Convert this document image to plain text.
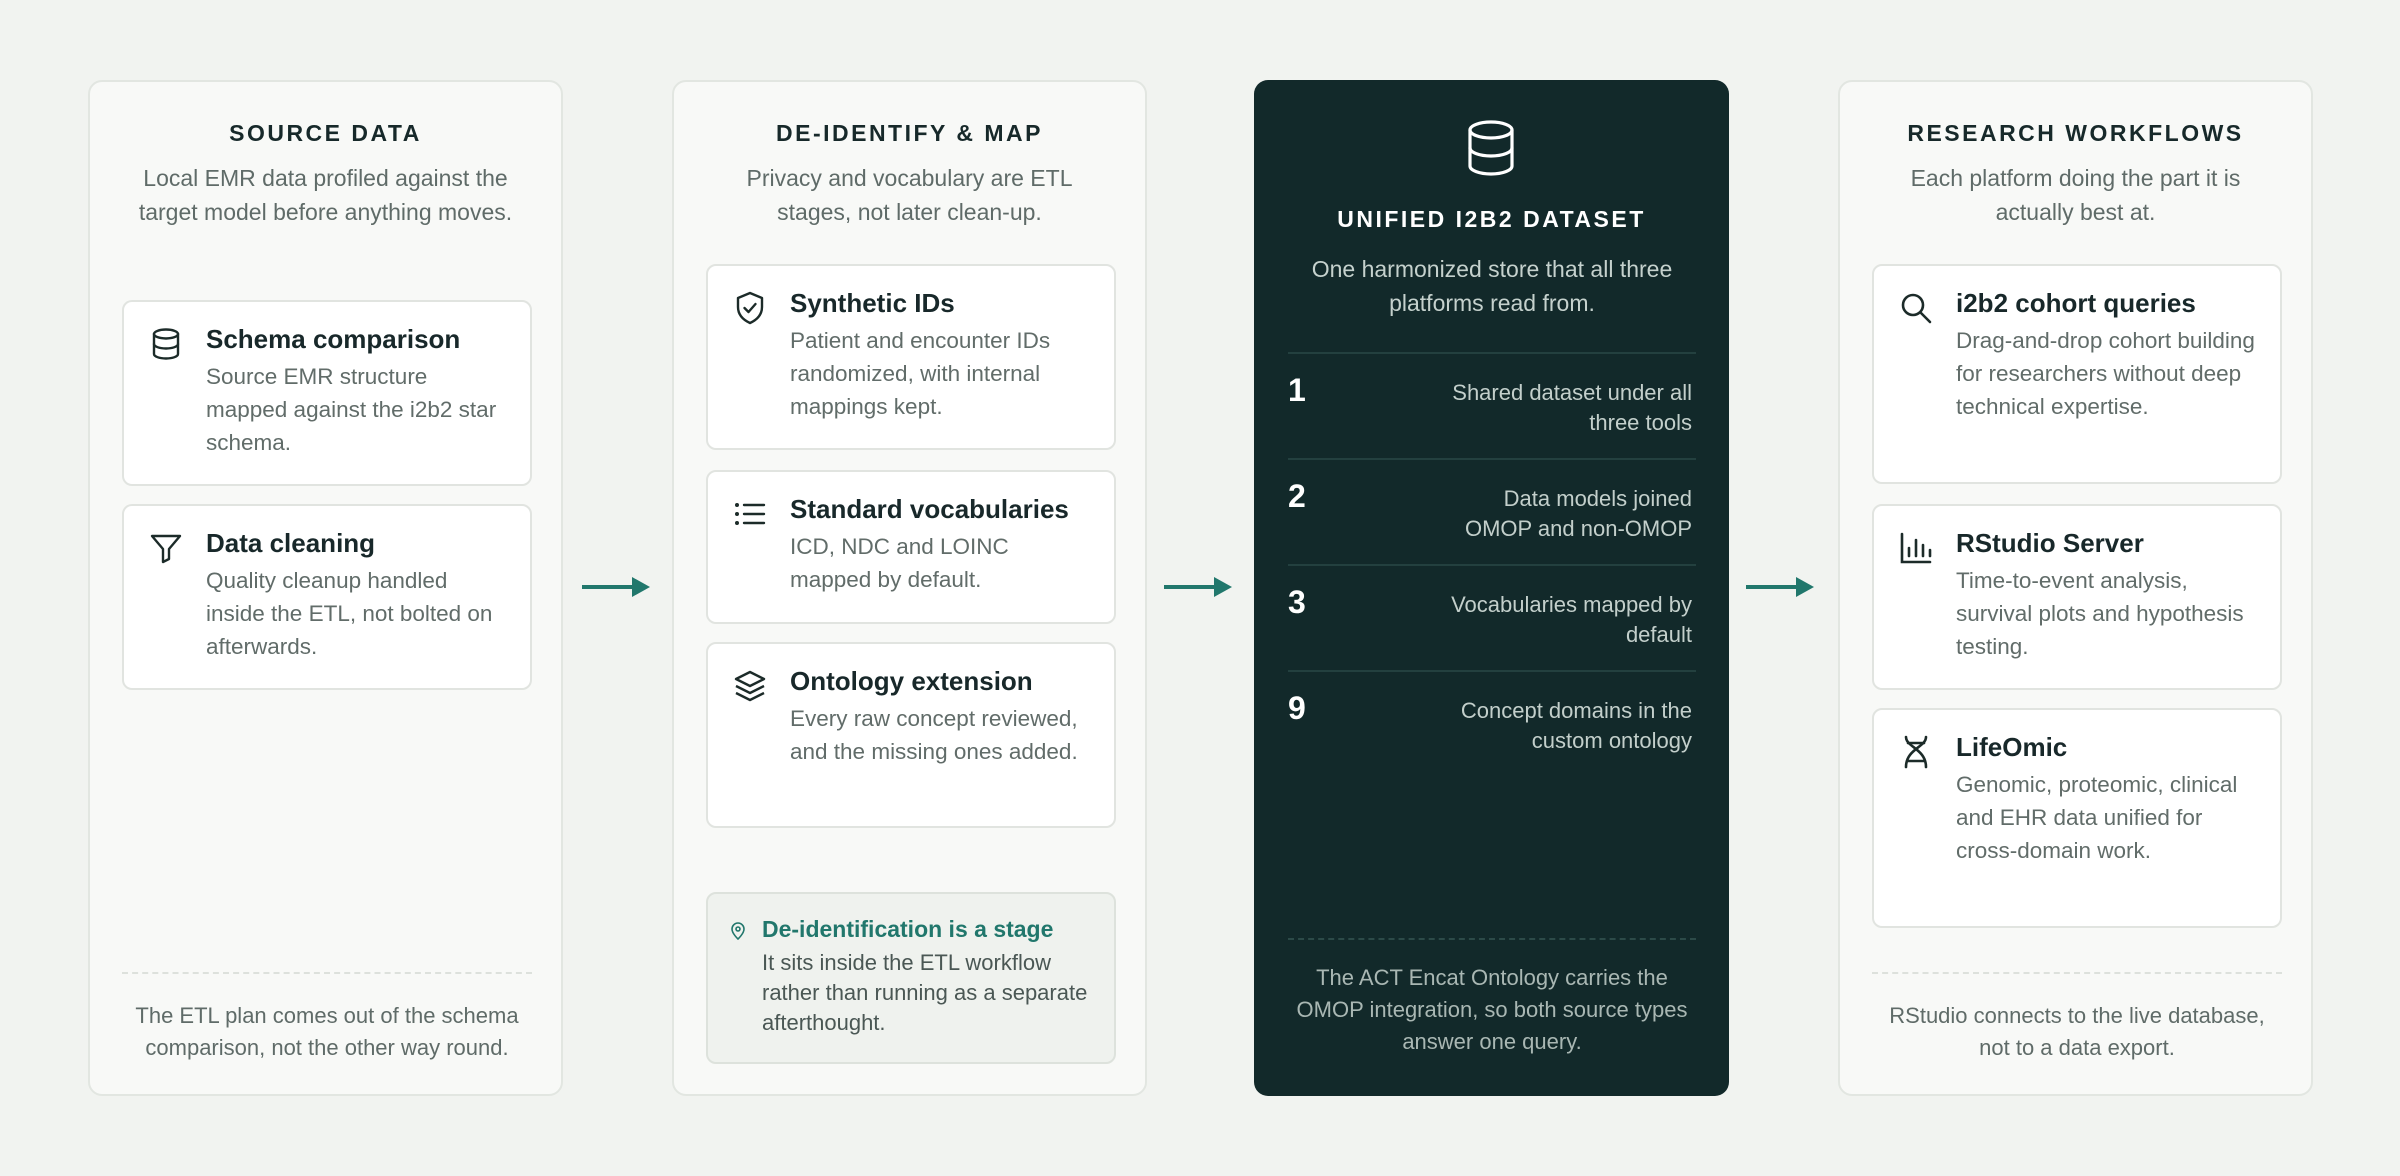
SOURCE DATA
Local EMR data profiled against the target model before anything moves.
Schema comparison
Source EMR structure mapped against the i2b2 star schema.
Data cleaning
Quality cleanup handled inside the ETL, not bolted on afterwards.
The ETL plan comes out of the schema comparison, not the other way round.
DE-IDENTIFY & MAP
Privacy and vocabulary are ETL stages, not later clean-up.
Synthetic IDs
Patient and encounter IDs randomized, with internal mappings kept.
Standard vocabularies
ICD, NDC and LOINC mapped by default.
Ontology extension
Every raw concept reviewed, and the missing ones added.
De-identification is a stage
It sits inside the ETL workflow rather than running as a separate afterthought.
UNIFIED I2B2 DATASET
One harmonized store that all three platforms read from.
1	Shared dataset under all three tools
2	Data models joined OMOP and non-OMOP
3	Vocabularies mapped by default
9	Concept domains in the custom ontology
The ACT Encat Ontology carries the OMOP integration, so both source types answer one query.
RESEARCH WORKFLOWS
Each platform doing the part it is actually best at.
i2b2 cohort queries
Drag-and-drop cohort building for researchers without deep technical expertise.
RStudio Server
Time-to-event analysis, survival plots and hypothesis testing.
LifeOmic
Genomic, proteomic, clinical and EHR data unified for cross-domain work.
RStudio connects to the live database, not to a data export.
